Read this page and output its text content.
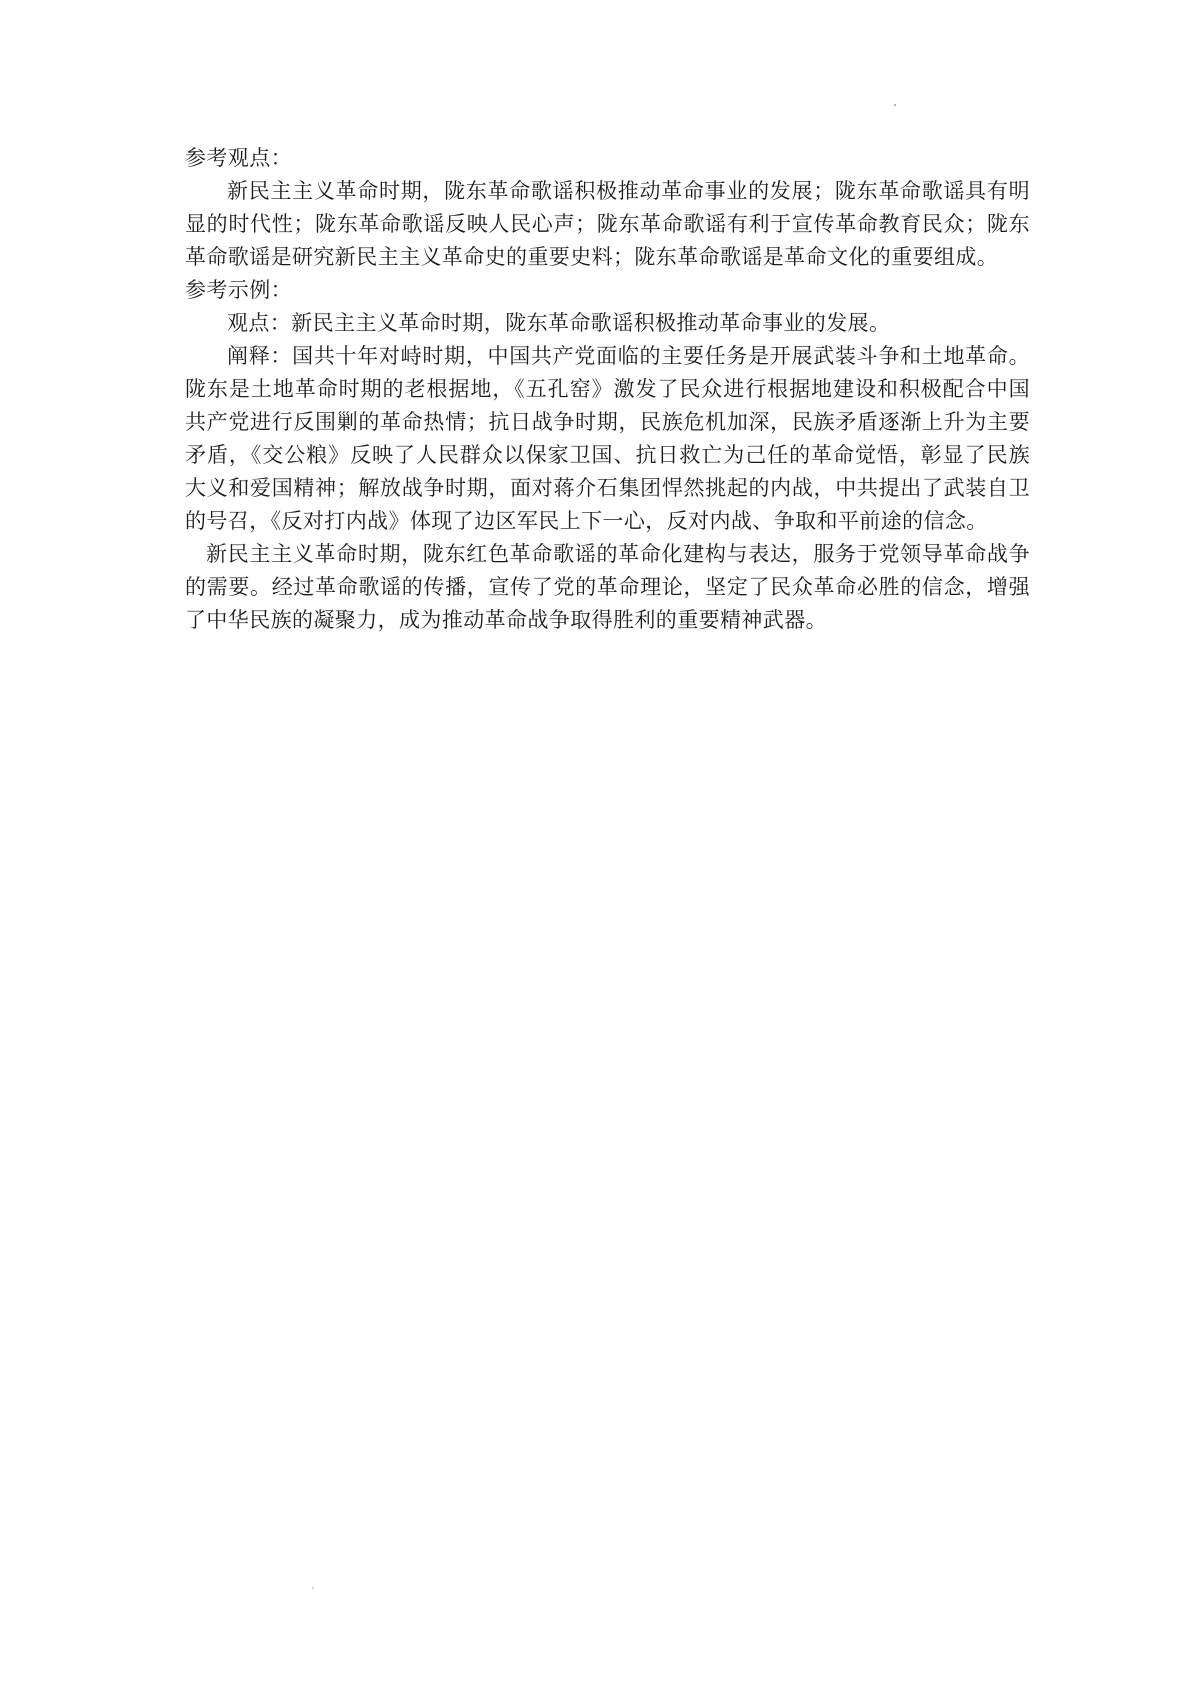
参考观点：

新民主主义革命时期，陇东革命歌谣积极推动革命事业的发展；陇东革命歌谣具有明显的时代性；陇东革命歌谣反映人民心声；陇东革命歌谣有利于宣传革命教育民众；陇东革命歌谣是研究新民主主义革命史的重要史料；陇东革命歌谣是革命文化的重要组成。

参考示例：

观点：新民主主义革命时期，陇东革命歌谣积极推动革命事业的发展。

阐释：国共十年对峙时期，中国共产党面临的主要任务是开展武装斗争和土地革命。陇东是土地革命时期的老根据地，《五孔窑》激发了民众进行根据地建设和积极配合中国共产党进行反围剿的革命热情；抗日战争时期，民族危机加深，民族矛盾逐渐上升为主要矛盾，《交公粮》反映了人民群众以保家卫国、抗日救亡为己任的革命觉悟，彰显了民族大义和爱国精神；解放战争时期，面对蒋介石集团悍然挑起的内战，中共提出了武装自卫的号召，《反对打内战》体现了边区军民上下一心，反对内战、争取和平前途的信念。

新民主主义革命时期，陇东红色革命歌谣的革命化建构与表达，服务于党领导革命战争的需要。经过革命歌谣的传播，宣传了党的革命理论，坚定了民众革命必胜的信念，增强了中华民族的凝聚力，成为推动革命战争取得胜利的重要精神武器。
